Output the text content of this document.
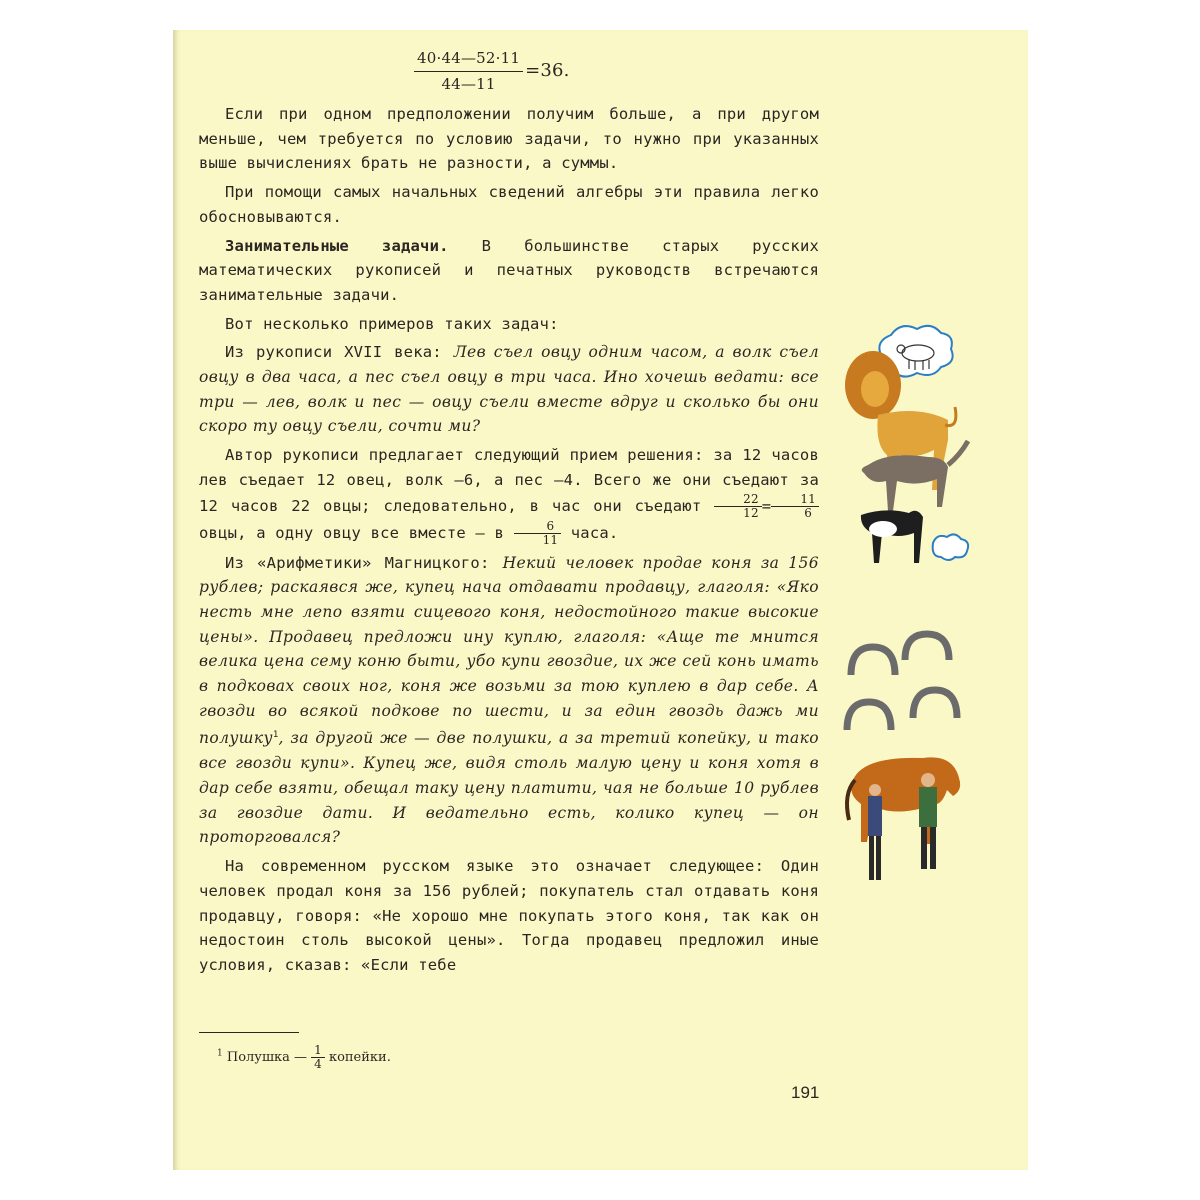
$\frac{40\cdot 44—52\cdot 11}{44—11} =36$.

Если при одном предположении получим больше, а при другом меньше, чем требуется по условию задачи, то нужно при указанных выше вычислениях брать не разности, а суммы.

При помощи самых начальных сведений алгебры эти правила легко обосновываются.

Занимательные задачи. В большинстве старых русских математических рукописей и печатных руководств встречаются занимательные задачи.

Вот несколько примеров таких задач:

Из рукописи XVII века: Лев съел овцу одним часом, а волк съел овцу в два часа, а пес съел овцу в три часа. Ино хочешь ведати: все три — лев, волк и пес — овцу съели вместе вдруг и сколько бы они скоро ту овцу съели, сочти ми?

Автор рукописи предлагает следующий прием решения: за 12 часов лев съедает 12 овец, волк —6, а пес —4. Всего же они съедают за 12 часов 22 овцы; следовательно, в час они съедают $\frac{22}{12} = \frac{11}{6}$
овцы, а одну овцу все вместе — в $\frac{6}{11}$ часа.

Из «Арифметики» Магницкого: Некий человек продае коня за 156 рублев; раскаявся же, купец нача отдавати продавцу, глаголя: «Яко несть мне лепо взяти сицевого коня, недостойного такие высокие цены». Продавец предложи ину куплю, глаголя: «Аще те мнится велика цена сему коню быти, убо купи гвоздие, их же сей конь имать в подковах своих ног, коня же возьми за тою куплею в дар себе. А гвозди во всякой подкове по шести, и за един гвоздь дажь ми полушку$^1$, за другой же — две полушки, а за третий копейку, и тако все гвозди купи». Купец же, видя столь малую цену и коня хотя в дар себе взяти, обещал таку цену платити, чая не больше 10 рублев за гвоздие дати. И ведательно есть, колико купец — он проторговался?

На современном русском языке это означает следующее: Один человек продал коня за 156 рублей; покупатель стал отдавать коня продавцу, говоря: «Не хорошо мне покупать этого коня, так как он недостоин столь высокой цены». Тогда продавец предложил иные условия, сказав: «Если тебе

$^1$ Полушка — $\frac{1}{4}$ копейки.
191
